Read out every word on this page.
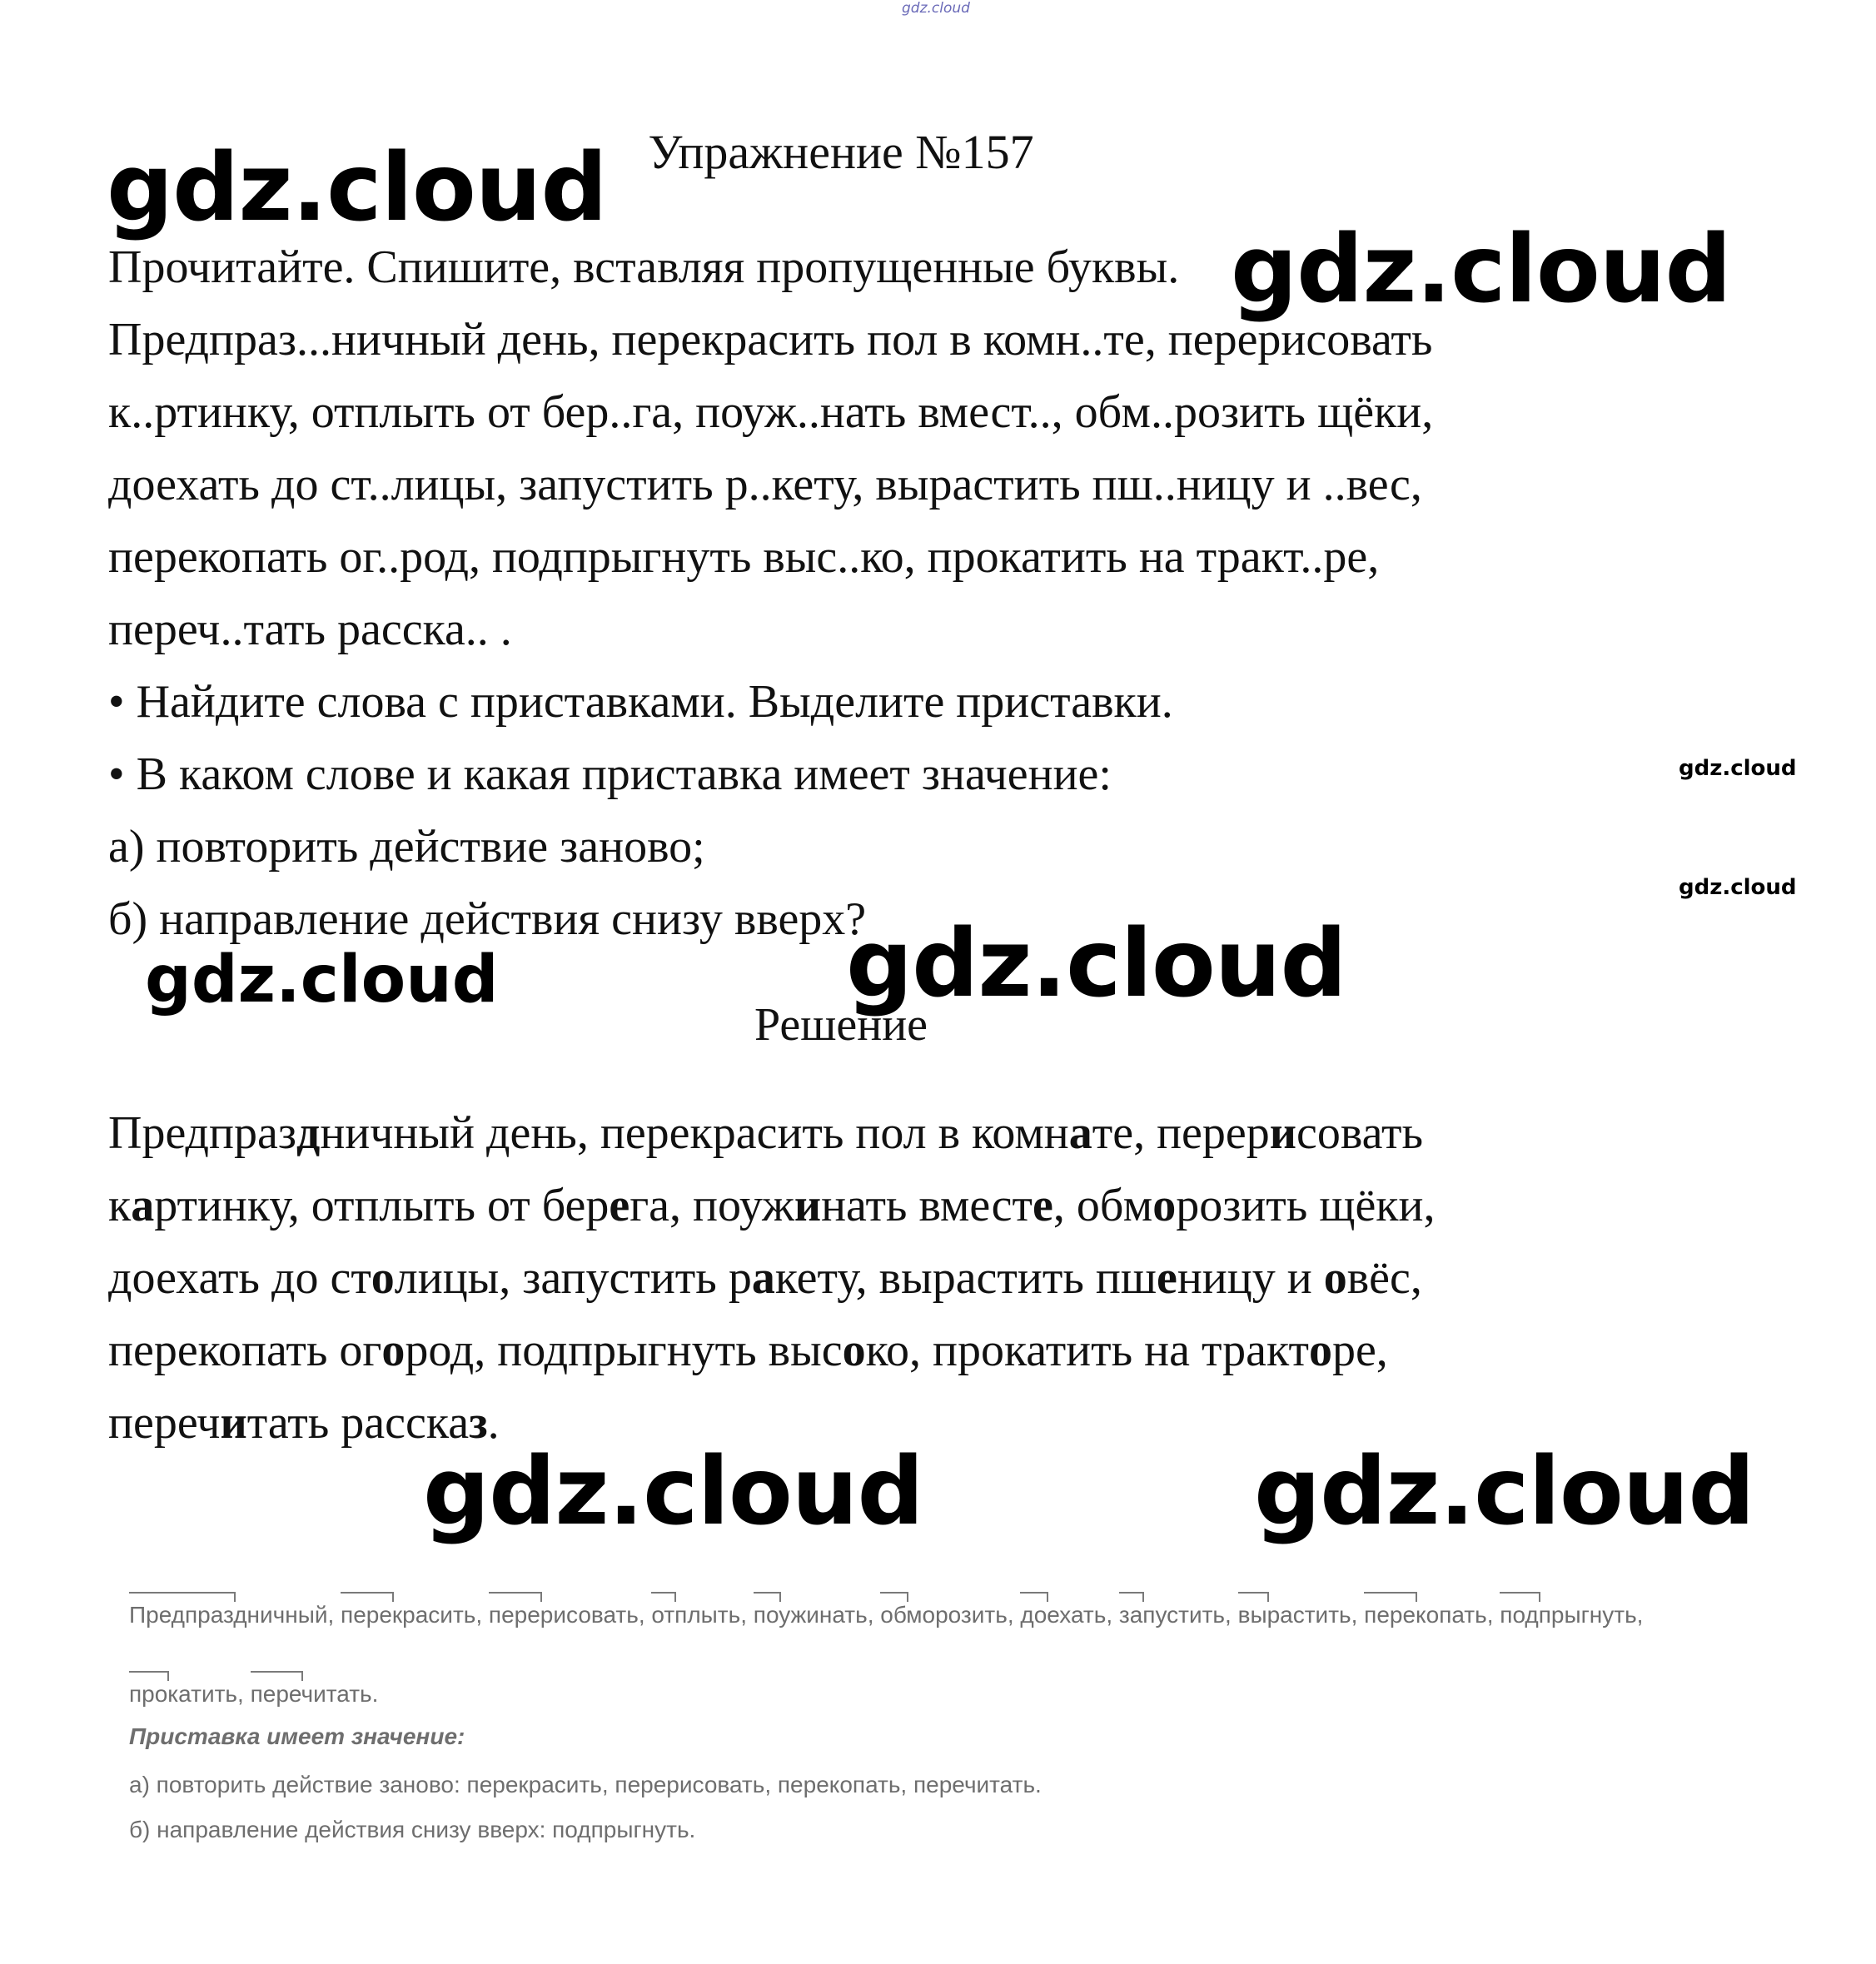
gdz.cloud
gdz.cloud
gdz.cloud
gdz.cloud
gdz.cloud
gdz.cloud	gdz.cloud
gdz.cloud	gdz.cloud
Упражнение №157

Прочитайте. Спишите, вставляя пропущенные буквы.

Предпраз...ничный день, перекрасить пол в комн..те, перерисовать

к..ртинку, отплыть от бер..га, поуж..нать вмест.., обм..розить щёки,

доехать до ст..лицы, запустить р..кету, вырастить пш..ницу и ..вес,

перекопать ог..род, подпрыгнуть выс..ко, прокатить на тракт..ре,

переч..тать расска.. .

• Найдите слова с приставками. Выделите приставки.

• В каком слове и какая приставка имеет значение:

а) повторить действие заново;

б) направление действия снизу вверх?

Решение

Предпраздничный день, перекрасить пол в комнате, перерисовать

картинку, отплыть от берега, поужинать вместе, обморозить щёки,

доехать до столицы, запустить ракету, вырастить пшеницу и овёс,

перекопать огород, подпрыгнуть высоко, прокатить на тракторе,

перечитать рассказ.

Предпраздничный, перекрасить, перерисовать, отплыть, поужинать, обморозить, доехать, запустить, вырастить, перекопать, подпрыгнуть,
прокатить, перечитать.
Приставка имеет значение:
а) повторить действие заново: перекрасить, перерисовать, перекопать, перечитать.
б) направление действия снизу вверх: подпрыгнуть.
